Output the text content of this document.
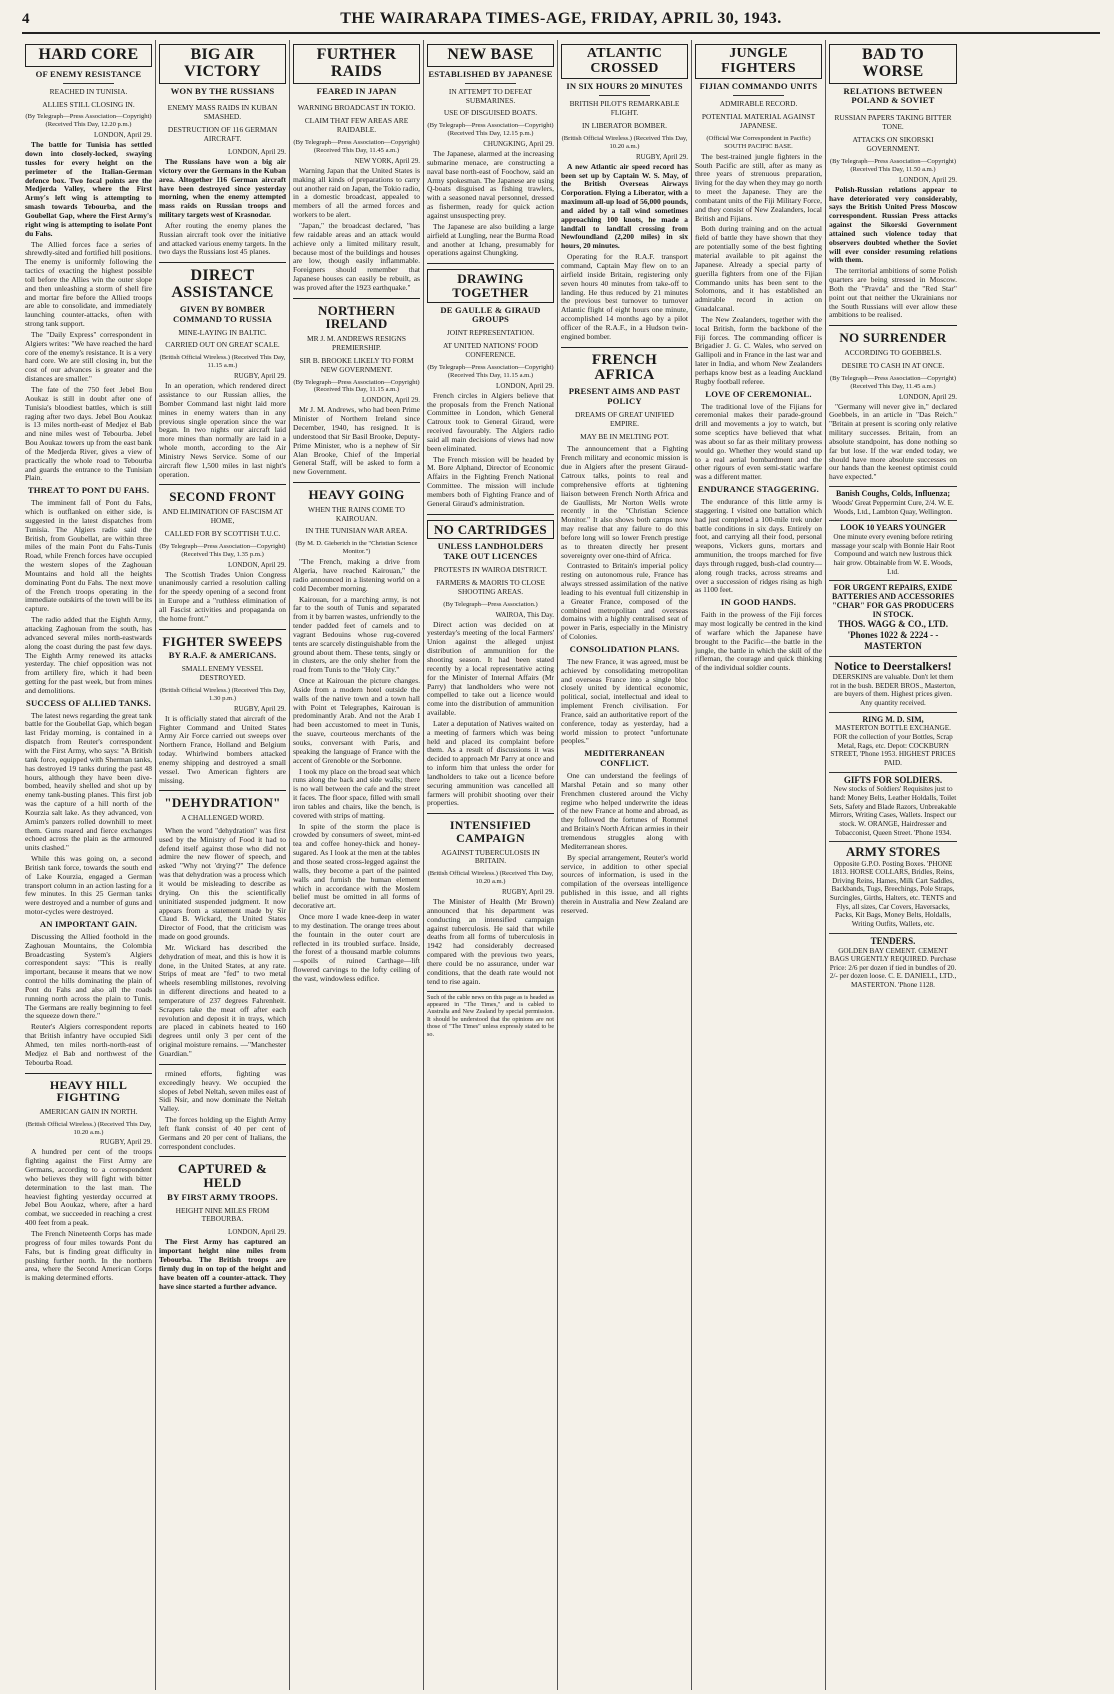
4	THE WAIRARAPA TIMES-AGE, FRIDAY, APRIL 30, 1943.
HARD CORE
OF ENEMY RESISTANCE
REACHED IN TUNISIA.
ALLIES STILL CLOSING IN.
(By Telegraph—Press Association—Copyright) (Received This Day, 12.20 p.m.)
LONDON, April 29.

The battle for Tunisia has settled down into closely-locked, swaying tussles for every height on the perimeter of the Italian-German defence box. Two focal points are the Medjerda Valley, where the First Army's left wing is attempting to smash towards Tebourba, and the Goubellat Gap, where the First Army's right wing is attempting to isolate Pont du Fahs.

The Allied forces face a series of shrewdly-sited and fortified hill positions. The enemy is uniformly following the tactics of exacting the highest possible toll before the Allies win the outer slope and then unleashing a storm of shell fire and mortar fire before the Allied troops are able to consolidate, and immediately launching counter-attacks, often with strong tank support.

The "Daily Express" correspondent in Algiers writes: "We have reached the hard core of the enemy's resistance. It is a very hard core. We are still closing in, but the cost of our advances is greater and the distances are smaller."

The fate of the 750 feet Jebel Bou Aoukaz is still in doubt after one of Tunisia's bloodiest battles, which is still raging after two days. Jebel Bou Aoukaz is 13 miles north-east of Medjez el Bab and nine miles west of Tebourba. Jebel Bou Aoukaz towers up from the east bank of the Medjerda River, gives a view of practically the whole road to Tebourba and guards the entrance to the Tunisian Plain.

THREAT TO PONT DU FAHS.

The imminent fall of Pont du Fahs, which is outflanked on either side, is suggested in the latest dispatches from Tunisia. The Algiers radio said the British, from Goubellat, are within three miles of the main Pont du Fahs-Tunis Road, while French forces have occupied the western slopes of the Zaghouan Mountains and hold all the heights dominating Pont du Fahs. The next move of the French troops operating in the immediate outskirts of the town will be its capture.

The radio added that the Eighth Army, attacking Zaghouan from the south, has advanced several miles north-eastwards along the coast during the past few days. The Eighth Army renewed its attacks yesterday. The chief opposition was not from artillery fire, which it had been getting for the past week, but from mines and demolitions.

SUCCESS OF ALLIED TANKS.

The latest news regarding the great tank battle for the Goubellat Gap, which began last Friday morning, is contained in a dispatch from Reuter's correspondent with the First Army, who says: "A British tank force, equipped with Sherman tanks, has destroyed 19 tanks during the past 48 hours, although they have been dive-bombed, heavily shelled and shot up by enemy tank-busting planes. This first job was the capture of a hill north of the Kourzia salt lake. As they advanced, von Arnim's panzers rolled downhill to meet them. Guns roared and fierce exchanges echoed across the plain as the armoured units clashed."

While this was going on, a second British tank force, towards the south end of Lake Kourzia, engaged a German transport column in an action lasting for a few minutes. In this 25 German tanks were destroyed and a number of guns and motor-cycles were destroyed.

AN IMPORTANT GAIN.

Discussing the Allied foothold in the Zaghouan Mountains, the Colombia Broadcasting System's Algiers correspondent says: "This is really important, because it means that we now control the hills dominating the plain of Pont du Fahs and also all the roads running north across the plain to Tunis. The Germans are really beginning to feel the squeeze down there."

Reuter's Algiers correspondent reports that British infantry have occupied Sidi Ahmed, ten miles north-north-east of Medjez el Bab and northwest of the Tebourba Road.

HEAVY HILL FIGHTING
AMERICAN GAIN IN NORTH.
(British Official Wireless.) (Received This Day, 10.20 a.m.)
RUGBY, April 29.

A hundred per cent of the troops fighting against the First Army are Germans, according to a correspondent who believes they will fight with bitter determination to the last man. The heaviest fighting yesterday occurred at Jebel Bou Aoukaz, where, after a hard combat, we succeeded in reaching a crest 400 feet from a peak.

The French Nineteenth Corps has made progress of four miles towards Pont du Fahs, but is finding great difficulty in pushing further north. In the northern area, where the Second American Corps is making determined efforts.

BIG AIR VICTORY
WON BY THE RUSSIANS
ENEMY MASS RAIDS IN KUBAN SMASHED.
DESTRUCTION OF 116 GERMAN AIRCRAFT.
LONDON, April 29.

The Russians have won a big air victory over the Germans in the Kuban area. Altogether 116 German aircraft have been destroyed since yesterday morning, when the enemy attempted mass raids on Russian troops and military targets west of Krasnodar.

After routing the enemy planes the Russian aircraft took over the initiative and attacked various enemy targets. In the two days the Russians lost 45 planes.

DIRECT ASSISTANCE
GIVEN BY BOMBER COMMAND TO RUSSIA
MINE-LAYING IN BALTIC.
CARRIED OUT ON GREAT SCALE.
(British Official Wireless.) (Received This Day, 11.15 a.m.)
RUGBY, April 29.

In an operation, which rendered direct assistance to our Russian allies, the Bomber Command last night laid more mines in enemy waters than in any previous single operation since the war began. In two nights our aircraft laid more mines than normally are laid in a whole month, according to the Air Ministry News Service. Some of our aircraft flew 1,500 miles in last night's operation.

SECOND FRONT
AND ELIMINATION OF FASCISM AT HOME,
CALLED FOR BY SCOTTISH T.U.C.
(By Telegraph—Press Association—Copyright) (Received This Day, 1.35 p.m.)
LONDON, April 29.

The Scottish Trades Union Congress unanimously carried a resolution calling for the speedy opening of a second front in Europe and a "ruthless elimination of all Fascist activities and propaganda on the home front."

FIGHTER SWEEPS
BY R.A.F. & AMERICANS.
SMALL ENEMY VESSEL DESTROYED.
(British Official Wireless.) (Received This Day, 1.30 p.m.)
RUGBY, April 29.

It is officially stated that aircraft of the Fighter Command and United States Army Air Force carried out sweeps over Northern France, Holland and Belgium today. Whirlwind bombers attacked enemy shipping and destroyed a small vessel. Two American fighters are missing.

"DEHYDRATION"
A CHALLENGED WORD.

When the word "dehydration" was first used by the Ministry of Food it had to defend itself against those who did not admire the new flower of speech, and asked "Why not 'drying'?" The defence was that dehydration was a process which it would be misleading to describe as drying. On this the scientifically uninitiated suspended judgment. It now appears from a statement made by Sir Claud B. Wickard, the United States Director of Food, that the criticism was made on good grounds.

Mr. Wickard has described the dehydration of meat, and this is how it is done, in the United States, at any rate. Strips of meat are "fed" to two metal wheels resembling millstones, revolving in different directions and heated to a temperature of 237 degrees Fahrenheit. Scrapers take the meat off after each revolution and deposit it in trays, which are placed in cabinets heated to 160 degrees until only 3 per cent of the original moisture remains. —"Manchester Guardian."

rmined efforts, fighting was exceedingly heavy. We occupied the slopes of Jebel Neltah, seven miles east of Sidi Nsir, and now dominate the Neltah Valley.

The forces holding up the Eighth Army left flank consist of 40 per cent of Germans and 20 per cent of Italians, the correspondent concludes.

CAPTURED & HELD
BY FIRST ARMY TROOPS.
HEIGHT NINE MILES FROM TEBOURBA.
LONDON, April 29.

The First Army has captured an important height nine miles from Tebourba. The British troops are firmly dug in on top of the height and have beaten off a counter-attack. They have since started a further advance.

FURTHER RAIDS
FEARED IN JAPAN
WARNING BROADCAST IN TOKIO.
CLAIM THAT FEW AREAS ARE RAIDABLE.
(By Telegraph—Press Association—Copyright) (Received This Day, 11.45 a.m.)
NEW YORK, April 29.

Warning Japan that the United States is making all kinds of preparations to carry out another raid on Japan, the Tokio radio, in a domestic broadcast, appealed to members of all the armed forces and workers to be alert.

"Japan," the broadcast declared, "has few raidable areas and an attack would achieve only a limited military result, because most of the buildings and houses are low, though easily inflammable. Foreigners should remember that Japanese houses can easily be rebuilt, as was proved after the 1923 earthquake."

NORTHERN IRELAND
MR J. M. ANDREWS RESIGNS PREMIERSHIP.
SIR B. BROOKE LIKELY TO FORM NEW GOVERNMENT.
(By Telegraph—Press Association—Copyright) (Received This Day, 11.15 a.m.)
LONDON, April 29.

Mr J. M. Andrews, who had been Prime Minister of Northern Ireland since December, 1940, has resigned. It is understood that Sir Basil Brooke, Deputy-Prime Minister, who is a nephew of Sir Alan Brooke, Chief of the Imperial General Staff, will be asked to form a new Government.

HEAVY GOING
WHEN THE RAINS COME TO KAIROUAN.
IN THE TUNISIAN WAR AREA.
(By M. D. Gieberich in the "Christian Science Monitor.")

"The French, making a drive from Algeria, have reached Kairouan," the radio announced in a listening world on a cold December morning.

Kairouan, for a marching army, is not far to the south of Tunis and separated from it by barren wastes, unfriendly to the tender padded feet of camels and to vagrant Bedouins whose rug-covered tents are scarcely distinguishable from the ground about them. These tents, singly or in clusters, are the only shelter from the road from Tunis to the "Holy City."

Once at Kairouan the picture changes. Aside from a modern hotel outside the walls of the native town and a town hall with Point et Telegraphes, Kairouan is predominantly Arab. And not the Arab I had been accustomed to meet in Tunis, the suave, courteous merchants of the souks, conversant with Paris, and speaking the language of France with the accent of Grenoble or the Sorbonne.

I took my place on the broad seat which runs along the back and side walls; there is no wall between the cafe and the street it faces. The floor space, filled with small iron tables and chairs, like the bench, is covered with strips of matting.

In spite of the storm the place is crowded by consumers of sweet, mint-ed tea and coffee honey-thick and honey-sugared. As I look at the men at the tables and those seated cross-legged against the walls, they become a part of the painted walls and furnish the human element which in accordance with the Moslem belief must be omitted in all forms of decorative art.

Once more I wade knee-deep in water to my destination. The orange trees about the fountain in the outer court are reflected in its troubled surface. Inside, the forest of a thousand marble columns—spoils of ruined Carthage—lift flowered carvings to the lofty ceiling of the vast, windowless edifice.

NEW BASE
ESTABLISHED BY JAPANESE
IN ATTEMPT TO DEFEAT SUBMARINES.
USE OF DISGUISED BOATS.
(By Telegraph—Press Association—Copyright) (Received This Day, 12.15 p.m.)
CHUNGKING, April 29.

The Japanese, alarmed at the increasing submarine menace, are constructing a naval base north-east of Foochow, said an Army spokesman. The Japanese are using Q-boats disguised as fishing trawlers, with a seasoned naval personnel, dressed as fishermen, ready for quick action against unsuspecting prey.

The Japanese are also building a large airfield at Lungling, near the Burma Road and another at Ichang, presumably for operations against Chungking.

DRAWING TOGETHER
DE GAULLE & GIRAUD GROUPS
JOINT REPRESENTATION.
AT UNITED NATIONS' FOOD CONFERENCE.
(By Telegraph—Press Association—Copyright) (Received This Day, 11.15 a.m.)
LONDON, April 29.

French circles in Algiers believe that the proposals from the French National Committee in London, which General Catroux took to General Giraud, were received favourably. The Algiers radio said all main decisions of views had now been eliminated.

The French mission will be headed by M. Bore Alphand, Director of Economic Affairs in the Fighting French National Committee. The mission will include members both of Fighting France and of General Giraud's administration.

NO CARTRIDGES
UNLESS LANDHOLDERS TAKE OUT LICENCES
PROTESTS IN WAIROA DISTRICT.
FARMERS & MAORIS TO CLOSE SHOOTING AREAS.
(By Telegraph—Press Association.)
WAIROA, This Day.

Direct action was decided on at yesterday's meeting of the local Farmers' Union against the alleged unjust distribution of ammunition for the shooting season. It had been stated recently by a local representative acting for the Minister of Internal Affairs (Mr Parry) that landholders who were not compelled to take out a licence would come into the distribution of ammunition available.

Later a deputation of Natives waited on a meeting of farmers which was being held and placed its complaint before them. As a result of discussions it was decided to approach Mr Parry at once and to inform him that unless the order for landholders to take out a licence before securing ammunition was cancelled all farmers will prohibit shooting over their properties.

INTENSIFIED CAMPAIGN
AGAINST TUBERCULOSIS IN BRITAIN.
(British Official Wireless.) (Received This Day, 10.20 a.m.)
RUGBY, April 29.

The Minister of Health (Mr Brown) announced that his department was conducting an intensified campaign against tuberculosis. He said that while deaths from all forms of tuberculosis in 1942 had considerably decreased compared with the previous two years, there could be no assurance, under war conditions, that the death rate would not tend to rise again.

Such of the cable news on this page as is headed as appeared in "The Times," and is cabled to Australia and New Zealand by special permission. It should be understood that the opinions are not those of "The Times" unless expressly stated to be so.
ATLANTIC CROSSED
IN SIX HOURS 20 MINUTES
BRITISH PILOT'S REMARKABLE FLIGHT.
IN LIBERATOR BOMBER.
(British Official Wireless.) (Received This Day, 10.20 a.m.)
RUGBY, April 29.

A new Atlantic air speed record has been set up by Captain W. S. May, of the British Overseas Airways Corporation. Flying a Liberator, with a maximum all-up load of 56,000 pounds, and aided by a tail wind sometimes approaching 100 knots, he made a landfall to landfall crossing from Newfoundland (2,200 miles) in six hours, 20 minutes.

Operating for the R.A.F. transport command, Captain May flew on to an airfield inside Britain, registering only seven hours 40 minutes from take-off to landing. He thus reduced by 21 minutes the previous best turnover to turnover Atlantic flight of eight hours one minute, accomplished 14 months ago by a pilot officer of the R.A.F., in a Hudson twin-engined bomber.

FRENCH AFRICA
PRESENT AIMS AND PAST POLICY
DREAMS OF GREAT UNIFIED EMPIRE.
MAY BE IN MELTING POT.

The announcement that a Fighting French military and economic mission is due in Algiers after the present Giraud-Catroux talks, points to real and comprehensive efforts at tightening liaison between French North Africa and de Gaullists, Mr Norton Wells wrote recently in the "Christian Science Monitor." It also shows both camps now may realise that any failure to do this before long will so lower French prestige as to threaten directly her present sovereignty over one-third of Africa.

Contrasted to Britain's imperial policy resting on autonomous rule, France has always stressed assimilation of the native leading to his eventual full citizenship in a Greater France, composed of the combined metropolitan and overseas domains with a highly centralised seat of power in Paris, especially in the Ministry of Colonies.

CONSOLIDATION PLANS.

The new France, it was agreed, must be achieved by consolidating metropolitan and overseas France into a single bloc closely united by identical economic, political, social, intellectual and ideal to implement French civilisation. For France, said an authoritative report of the conference, today as yesterday, had a world mission to protect "unfortunate peoples."

MEDITERRANEAN CONFLICT.

One can understand the feelings of Marshal Petain and so many other Frenchmen clustered around the Vichy regime who helped underwrite the ideas of the new France at home and abroad, as they followed the fortunes of Rommel and Britain's North African armies in their tremendous struggles along with Mediterranean shores.

By special arrangement, Reuter's world service, in addition to other special sources of information, is used in the compilation of the overseas intelligence published in this issue, and all rights therein in Australia and New Zealand are reserved.

JUNGLE FIGHTERS
FIJIAN COMMANDO UNITS
ADMIRABLE RECORD.
POTENTIAL MATERIAL AGAINST JAPANESE.
(Official War Correspondent in Pacific) SOUTH PACIFIC BASE.

The best-trained jungle fighters in the South Pacific are still, after as many as three years of strenuous preparation, living for the day when they may go north to meet the Japanese. They are the combatant units of the Fiji Military Force, and they consist of New Zealanders, local British and Fijians.

Both during training and on the actual field of battle they have shown that they are potentially some of the best fighting material available to pit against the Japanese. Already a special party of guerilla fighters from one of the Fijian Commando units has been sent to the Solomons, and it has established an admirable record in action on Guadalcanal.

The New Zealanders, together with the local British, form the backbone of the Fiji forces. The commanding officer is Brigadier J. G. C. Wales, who served on Gallipoli and in France in the last war and later in India, and whom New Zealanders perhaps know best as a leading Auckland Rugby football referee.

LOVE OF CEREMONIAL.

The traditional love of the Fijians for ceremonial makes their parade-ground drill and movements a joy to watch, but some sceptics have believed that what was about so far as their military prowess would go. Whether they would stand up to a real aerial bombardment and the other rigours of even semi-static warfare was a different matter.

ENDURANCE STAGGERING.

The endurance of this little army is staggering. I visited one battalion which had just completed a 100-mile trek under battle conditions in six days. Entirely on foot, and carrying all their food, personal weapons, Vickers guns, mortars and ammunition, the troops marched for five days through rugged, bush-clad country—along rough tracks, across streams and over a succession of ridges rising as high as 1100 feet.

IN GOOD HANDS.

Faith in the prowess of the Fiji forces may most logically be centred in the kind of warfare which the Japanese have brought to the Pacific—the battle in the jungle, the battle in which the skill of the rifleman, the courage and quick thinking of the individual soldier counts.

BAD TO WORSE
RELATIONS BETWEEN POLAND & SOVIET
RUSSIAN PAPERS TAKING BITTER TONE.
ATTACKS ON SIKORSKI GOVERNMENT.
(By Telegraph—Press Association—Copyright) (Received This Day, 11.50 a.m.)
LONDON, April 29.

Polish-Russian relations appear to have deteriorated very considerably, says the British United Press Moscow correspondent. Russian Press attacks against the Sikorski Government attained such violence today that observers doubted whether the Soviet will ever consider resuming relations with them.

The territorial ambitions of some Polish quarters are being stressed in Moscow. Both the "Pravda" and the "Red Star" point out that neither the Ukrainians nor the South Russians will ever allow these ambitions to be realised.

NO SURRENDER
ACCORDING TO GOEBBELS.
DESIRE TO CASH IN AT ONCE.
(By Telegraph—Press Association—Copyright) (Received This Day, 11.45 a.m.)
LONDON, April 29.

"Germany will never give in," declared Goebbels, in an article in "Das Reich." "Britain at present is scoring only relative military successes. Britain, from an absolute standpoint, has done nothing so far but lose. If the war ended today, we should have more absolute successes on our hands than the keenest optimist could have expected."

Banish Coughs, Colds, Influenza;
Woods' Great Peppermint Cure, 2/4. W. E. Woods, Ltd., Lambton Quay, Wellington.
LOOK 10 YEARS YOUNGER
One minute every evening before retiring massage your scalp with Bonnie Hair Root Compound and watch new lustrous thick hair grow. Obtainable from W. E. Woods, Ltd.
FOR URGENT REPAIRS, EXIDE BATTERIES AND ACCESSORIES "CHAR" FOR GAS PRODUCERS IN STOCK.
THOS. WAGG & CO., LTD. 'Phones 1022 & 2224 - - MASTERTON
Notice to Deerstalkers!
DEERSKINS are valuable. Don't let them rot in the bush. BEDER BROS., Masterton, are buyers of them. Highest prices given. Any quantity received.
RING M. D. SIM,
MASTERTON BOTTLE EXCHANGE. FOR the collection of your Bottles, Scrap Metal, Rags, etc. Depot: COCKBURN STREET, 'Phone 1953. HIGHEST PRICES PAID.
GIFTS FOR SOLDIERS.
New stocks of Soldiers' Requisites just to hand: Money Belts, Leather Holdalls, Toilet Sets, Safety and Blade Razors, Unbreakable Mirrors, Writing Cases, Wallets. Inspect our stock. W. ORANGE, Hairdresser and Tobacconist, Queen Street. 'Phone 1934.
ARMY STORES
Opposite G.P.O. Posting Boxes. 'PHONE 1813. HORSE COLLARS, Bridles, Reins, Driving Reins, Hames, Milk Cart Saddles, Backbands, Tugs, Breechings, Pole Straps, Surcingles, Girths, Halters, etc. TENTS and Flys, all sizes, Car Covers, Haversacks, Packs, Kit Bags, Money Belts, Holdalls, Writing Outfits, Wallets, etc.
TENDERS.
GOLDEN BAY CEMENT. CEMENT BAGS URGENTLY REQUIRED. Purchase Price: 2/6 per dozen if tied in bundles of 20. 2/- per dozen loose. C. E. DANIELL, LTD., MASTERTON. 'Phone 1128.
